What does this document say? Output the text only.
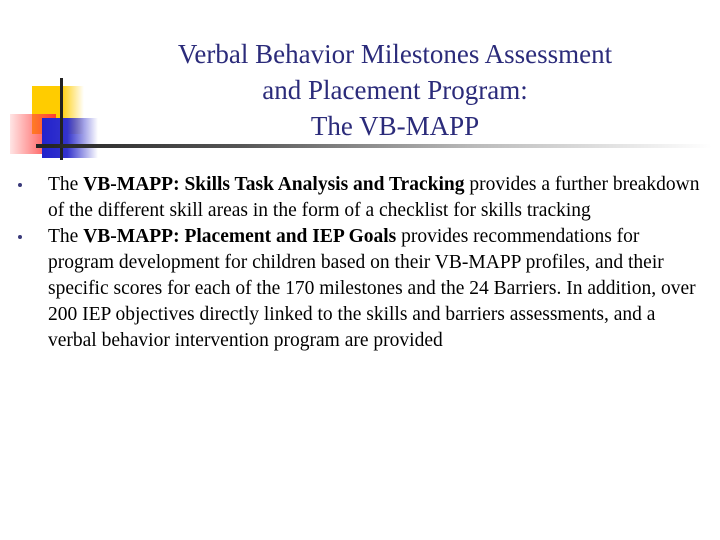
Verbal Behavior Milestones Assessment
and Placement Program:
The VB-MAPP
The VB-MAPP: Skills Task Analysis and Tracking provides a further breakdown of the different skill areas in the form of a checklist for skills tracking
The VB-MAPP: Placement and IEP Goals provides recommendations for program development for children based on their VB-MAPP profiles, and their specific scores for each of the 170 milestones and the 24 Barriers. In addition, over 200 IEP objectives directly linked to the skills and barriers assessments, and a verbal behavior intervention program are provided
